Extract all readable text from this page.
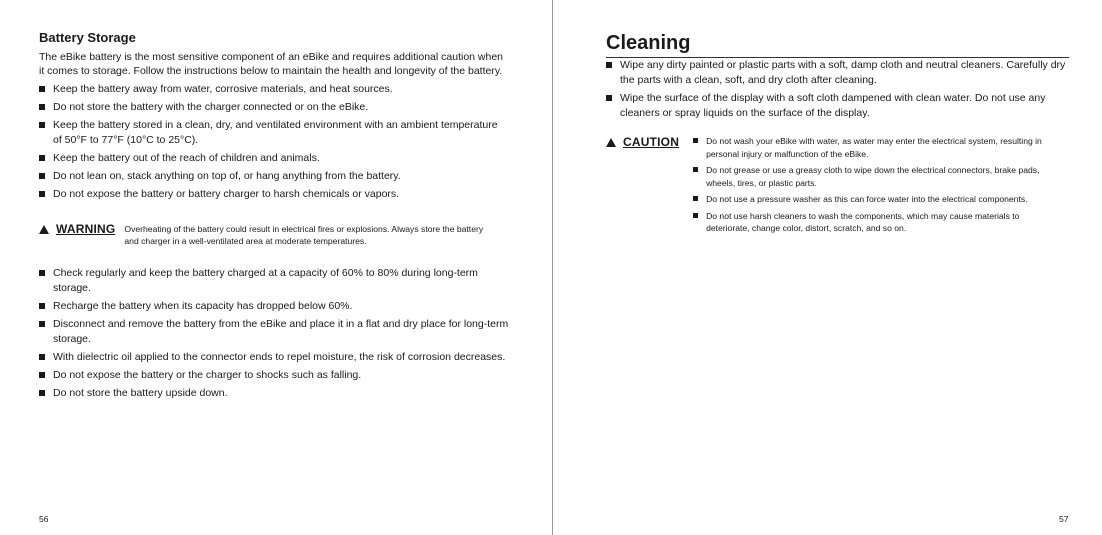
Battery Storage

The eBike battery is the most sensitive component of an eBike and requires additional caution when it comes to storage. Follow the instructions below to maintain the health and longevity of the battery.

Keep the battery away from water, corrosive materials, and heat sources.
Do not store the battery with the charger connected or on the eBike.
Keep the battery stored in a clean, dry, and ventilated environment with an ambient temperature of 50°F to 77°F (10°C to 25°C).
Keep the battery out of the reach of children and animals.
Do not lean on, stack anything on top of, or hang anything from the battery.
Do not expose the battery or battery charger to harsh chemicals or vapors.
WARNING Overheating of the battery could result in electrical fires or explosions. Always store the battery and charger in a well-ventilated area at moderate temperatures.
Check regularly and keep the battery charged at a capacity of 60% to 80% during long-term storage.
Recharge the battery when its capacity has dropped below 60%.
Disconnect and remove the battery from the eBike and place it in a flat and dry place for long-term storage.
With dielectric oil applied to the connector ends to repel moisture, the risk of corrosion decreases.
Do not expose the battery or the charger to shocks such as falling.
Do not store the battery upside down.
Cleaning
Wipe any dirty painted or plastic parts with a soft, damp cloth and neutral cleaners. Carefully dry the parts with a clean, soft, and dry cloth after cleaning.
Wipe the surface of the display with a soft cloth dampened with clean water. Do not use any cleaners or spray liquids on the surface of the display.
CAUTION	Do not wash your eBike with water, as water may enter the electrical system, resulting in personal injury or malfunction of the eBike.
Do not grease or use a greasy cloth to wipe down the electrical connectors, brake pads, wheels, tires, or plastic parts.
Do not use a pressure washer as this can force water into the electrical components.
Do not use harsh cleaners to wash the components, which may cause materials to deteriorate, change color, distort, scratch, and so on.
56	57
